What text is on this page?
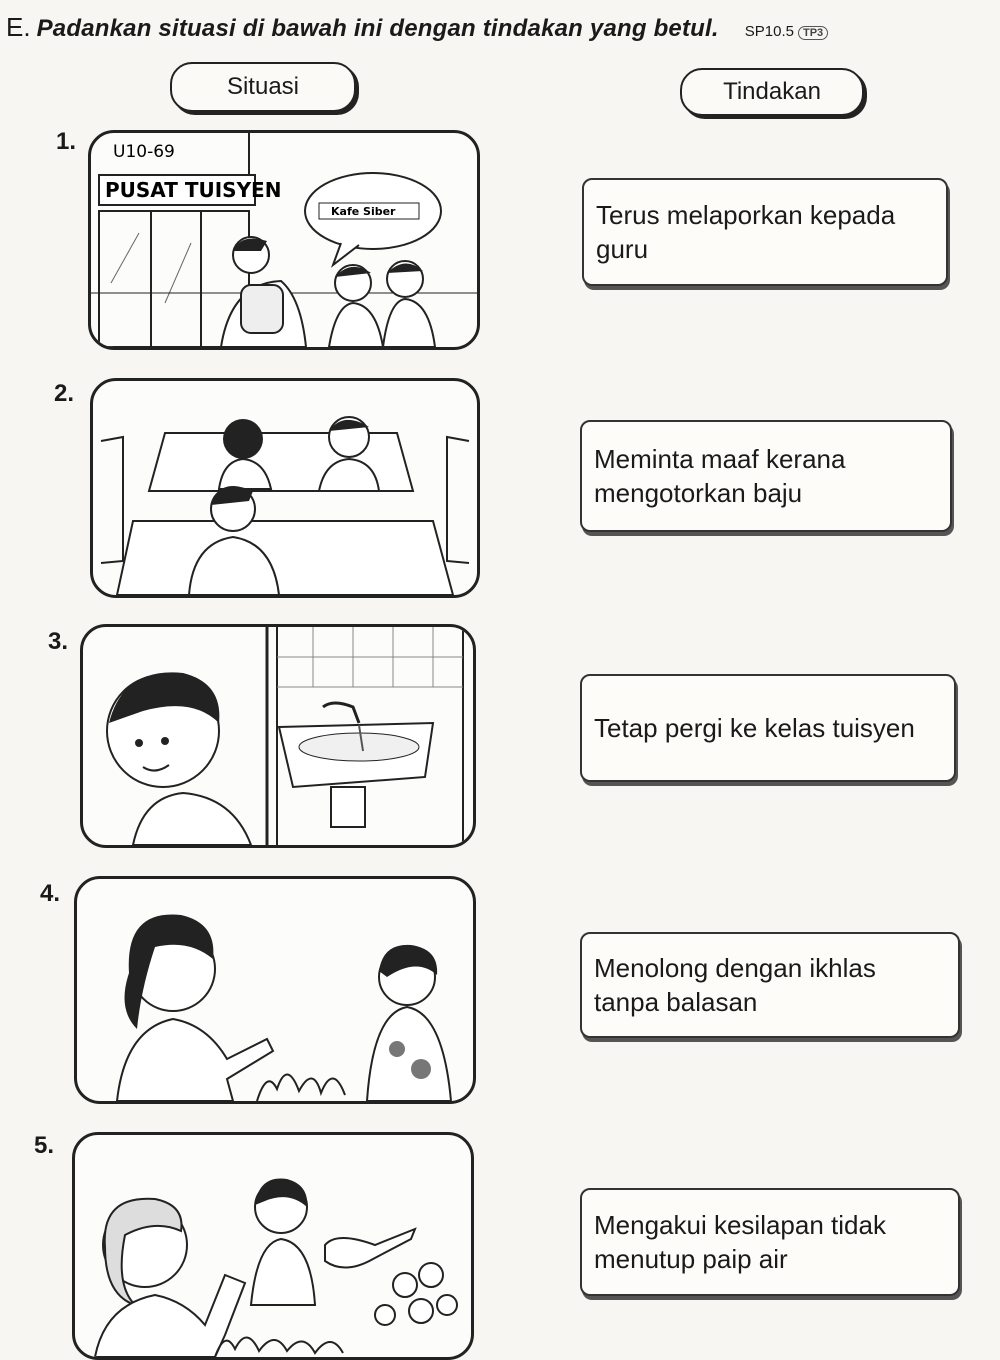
E. Padankan situasi di bawah ini dengan tindakan yang betul. SP10.5 TP3
Situasi	Tindakan
1.
2.
3.
4.
5.
U10-69
PUSAT TUISYEN
Kafe Siber	Terus melaporkan kepada guru
Meminta maaf kerana mengotorkan baju
Tetap pergi ke kelas tuisyen
Menolong dengan ikhlas tanpa balasan
Mengakui kesilapan tidak menutup paip air
